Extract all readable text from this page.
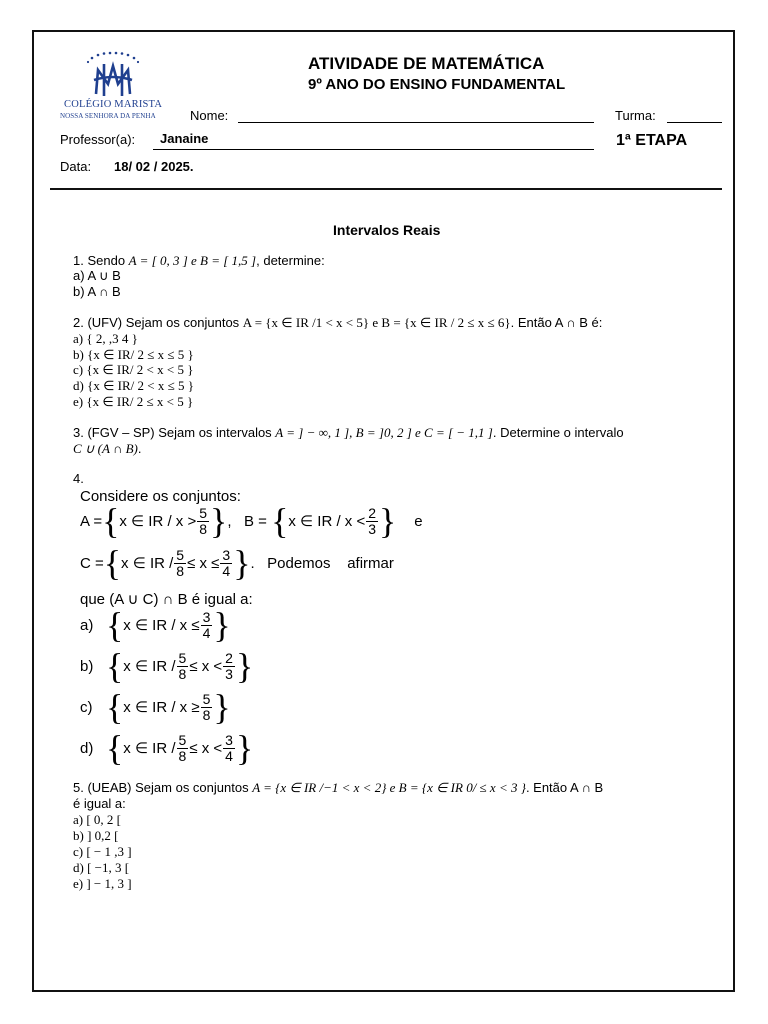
COLÉGIO MARISTA
NOSSA SENHORA DA PENHA
ATIVIDADE DE MATEMÁTICA
9º ANO DO ENSINO FUNDAMENTAL
Nome:	Turma:
Professor(a): Janaine	1ª ETAPA
Data: 18/ 02 / 2025.
Intervalos Reais
1. Sendo A = [ 0, 3 ] e B = [ 1,5 ], determine:
a) A ∪ B
b) A ∩ B
2. (UFV) Sejam os conjuntos A = {x ∈ IR /1 < x < 5} e B = {x ∈ IR / 2 ≤ x ≤ 6}. Então A ∩ B é:
a) { 2, ,3 4 }
b) {x ∈ IR/ 2 ≤ x ≤ 5 }
c) {x ∈ IR/ 2 < x < 5 }
d) {x ∈ IR/ 2 < x ≤ 5 }
e) {x ∈ IR/ 2 ≤ x < 5 }
3. (FGV – SP) Sejam os intervalos A = ] − ∞, 1 ], B = ]0, 2 ] e C = [ − 1,1 ]. Determine o intervalo
C ∪ (A ∩ B).
4.
Considere os conjuntos:
A = { x ∈ IR / $x > \frac{5}{8}$ } ,   B = { x ∈ IR / $x < \frac{2}{3}$ } e
C = { x ∈ IR / $\frac{5}{8} \le x \le \frac{3}{4}$ } .   Podemos    afirmar
que (A ∪ C) ∩ B é igual a:
a) { x ∈ IR / $x \le \frac{3}{4}$ }
b) { x ∈ IR / $\frac{5}{8} \le x < \frac{2}{3}$ }
c) { x ∈ IR / $x \ge \frac{5}{8}$ }
d) { x ∈ IR / $\frac{5}{8} \le x < \frac{3}{4}$ }
5. (UEAB) Sejam os conjuntos A = {x ∈ IR /−1 < x < 2} e B = {x ∈ IR 0/ ≤ x < 3 }. Então A ∩ B
é igual a:
a) [ 0, 2 [
b) ] 0,2 [
c) [ − 1 ,3 ]
d) [ −1, 3 [
e) ] − 1, 3 ]
